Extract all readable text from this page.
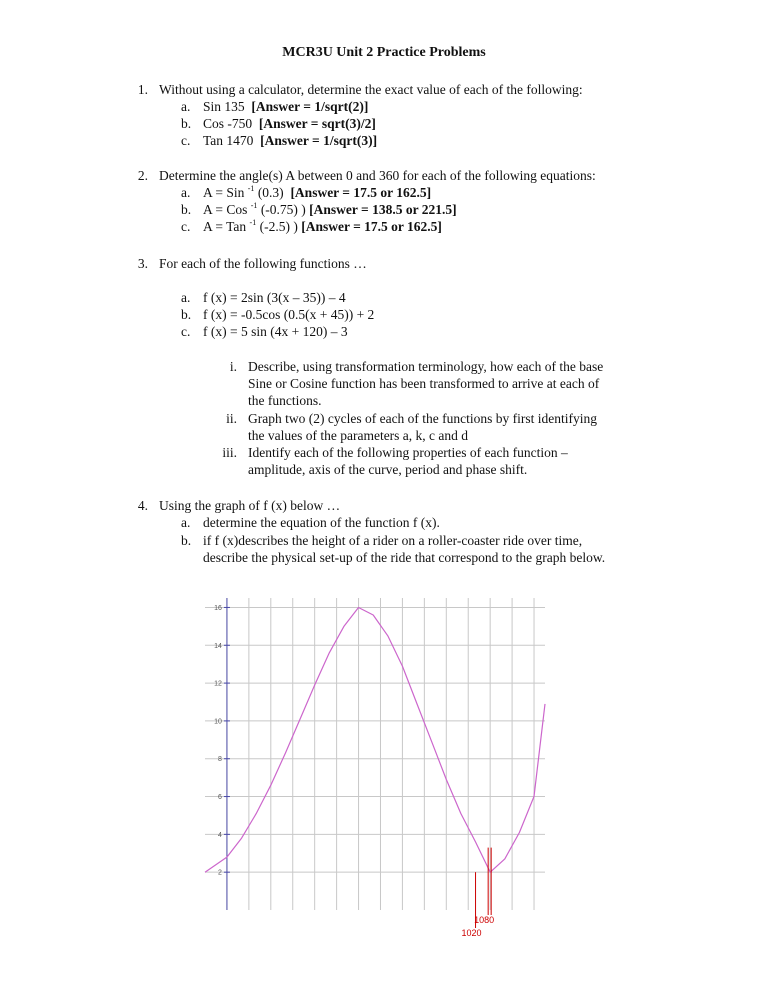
MCR3U Unit 2 Practice Problems
1. Without using a calculator, determine the exact value of each of the following:
a. Sin 135 [Answer = 1/sqrt(2)]
b. Cos -750 [Answer = sqrt(3)/2]
c. Tan 1470 [Answer = 1/sqrt(3)]
2. Determine the angle(s) A between 0 and 360 for each of the following equations:
a. A = Sin $^{-1}$ (0.3) [Answer = 17.5 or 162.5]
b. A = Cos $^{-1}$ (-0.75) ) [Answer = 138.5 or 221.5]
c. A = Tan $^{-1}$ (-2.5) ) [Answer = 17.5 or 162.5]
3. For each of the following functions …
a. f (x) = 2sin (3(x – 35)) – 4
b. f (x) = -0.5cos (0.5(x + 45)) + 2
c. f (x) = 5 sin (4x + 120) – 3
i. Describe, using transformation terminology, how each of the base
Sine or Cosine function has been transformed to arrive at each of
the functions.
ii. Graph two (2) cycles of each of the functions by first identifying
the values of the parameters a, k, c and d
iii. Identify each of the following properties of each function –
amplitude, axis of the curve, period and phase shift.
4. Using the graph of f (x) below …
a. determine the equation of the function f (x).
b. if f (x)describes the height of a rider on a roller-coaster ride over time,
describe the physical set-up of the ride that correspond to the graph below.
2
4
6
8
10
12
14
16
1080
1020
